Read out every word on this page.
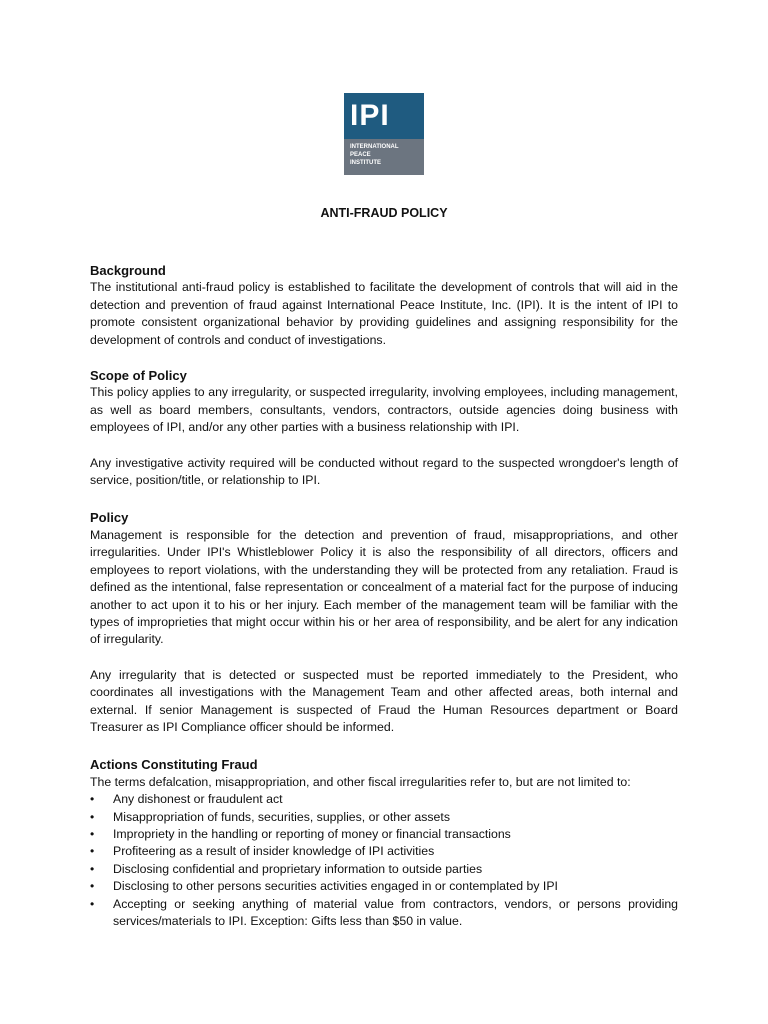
IPI
INTERNATIONAL
PEACE
INSTITUTE
ANTI-FRAUD POLICY
Background

The institutional anti-fraud policy is established to facilitate the development of controls that will aid in the detection and prevention of fraud against International Peace Institute, Inc. (IPI). It is the intent of IPI to promote consistent organizational behavior by providing guidelines and assigning responsibility for the development of controls and conduct of investigations.

Scope of Policy

This policy applies to any irregularity, or suspected irregularity, involving employees, including management, as well as board members, consultants, vendors, contractors, outside agencies doing business with employees of IPI, and/or any other parties with a business relationship with IPI.

Any investigative activity required will be conducted without regard to the suspected wrongdoer's length of service, position/title, or relationship to IPI.

Policy

Management is responsible for the detection and prevention of fraud, misappropriations, and other irregularities. Under IPI's Whistleblower Policy it is also the responsibility of all directors, officers and employees to report violations, with the understanding they will be protected from any retaliation. Fraud is defined as the intentional, false representation or concealment of a material fact for the purpose of inducing another to act upon it to his or her injury. Each member of the management team will be familiar with the types of improprieties that might occur within his or her area of responsibility, and be alert for any indication of irregularity.

Any irregularity that is detected or suspected must be reported immediately to the President, who coordinates all investigations with the Management Team and other affected areas, both internal and external. If senior Management is suspected of Fraud the Human Resources department or Board Treasurer as IPI Compliance officer should be informed.

Actions Constituting Fraud

The terms defalcation, misappropriation, and other fiscal irregularities refer to, but are not limited to:

• Any dishonest or fraudulent act
• Misappropriation of funds, securities, supplies, or other assets
• Impropriety in the handling or reporting of money or financial transactions
• Profiteering as a result of insider knowledge of IPI activities
• Disclosing confidential and proprietary information to outside parties
• Disclosing to other persons securities activities engaged in or contemplated by IPI
• Accepting or seeking anything of material value from contractors, vendors, or persons providing services/materials to IPI. Exception: Gifts less than $50 in value.
